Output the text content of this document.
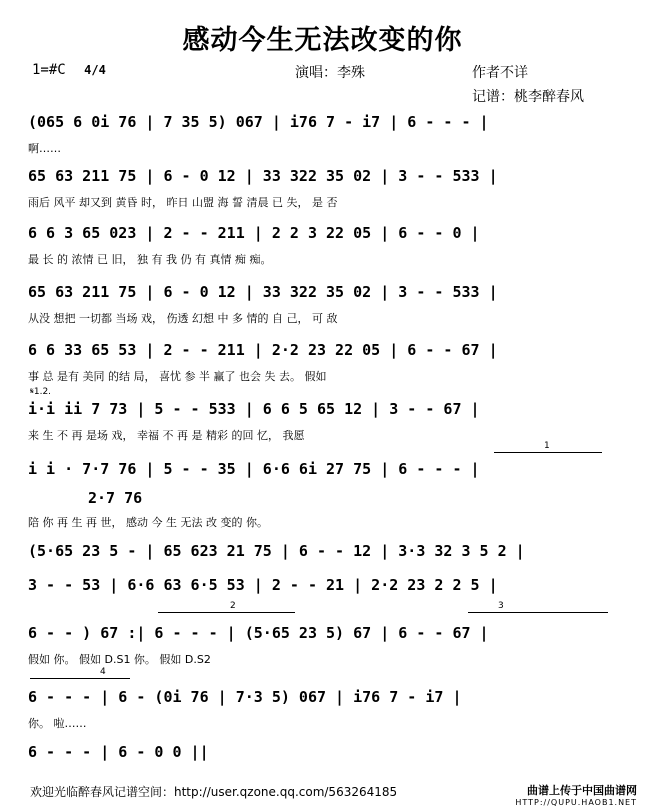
感动今生无法改变的你
1=#C 4/4	演唱：李殊	作者不详
记谱：桃李醉春风
(065 6 0i 76 | 7 35 5) 067 | i76 7 - i7 | 6 - - - |
啊……
65 63 211 75 | 6 - 0 12 | 33 322 35 02 | 3 - - 533 |
雨后 风平 却又到 黄昏 时， 昨日 山盟 海 誓 清晨 已 失， 是 否
6 6 3 65 023 | 2 - - 211 | 2 2 3 22 05 | 6 - - 0 |
最 长 的 浓情 已 旧， 独 有 我 仍 有 真情 痴 痴。
65 63 211 75 | 6 - 0 12 | 33 322 35 02 | 3 - - 533 |
从没 想把 一切都 当场 戏， 伤透 幻想 中 多 情的 自 己， 可 敌
6 6 33 65 53 | 2 - - 211 | 2·2 23 22 05 | 6 - - 67 |
事 总 是有 美同 的结 局， 喜忧 参 半 赢了 也会 失 去。 假如
𝄋1.2.
i·i ii 7 73 | 5 - - 533 | 6 6 5 65 12 | 3 - - 67 |
来 生 不 再 是场 戏， 幸福 不 再 是 精彩 的回 忆， 我愿
1
i i · 7·7 76 | 5 - - 35 | 6·6 6i 27 75 | 6 - - - |
陪 你 再 生 再 世， 感动 今 生 无法 改 变的 你。
2·7 76
(5·65 23 5 - | 65 623 21 75 | 6 - - 12 | 3·3 32 3 5 2 |
3 - - 53 | 6·6 63 6·5 53 | 2 - - 21 | 2·2 23 2 2 5 |
2	3
6 - - ) 67 :| 6 - - - | (5·65 23 5) 67 | 6 - - 67 |
假如 你。 假如 D.S1 你。 假如 D.S2
4
6 - - - | 6 - (0i 76 | 7·3 5) 067 | i76 7 - i7 |
你。 啦……
6 - - - | 6 - 0 0 ||
欢迎光临醉春风记谱空间：http://user.qzone.qq.com/563264185	曲谱上传于中国曲谱网
HTTP://QUPU.HAOB1.NET
